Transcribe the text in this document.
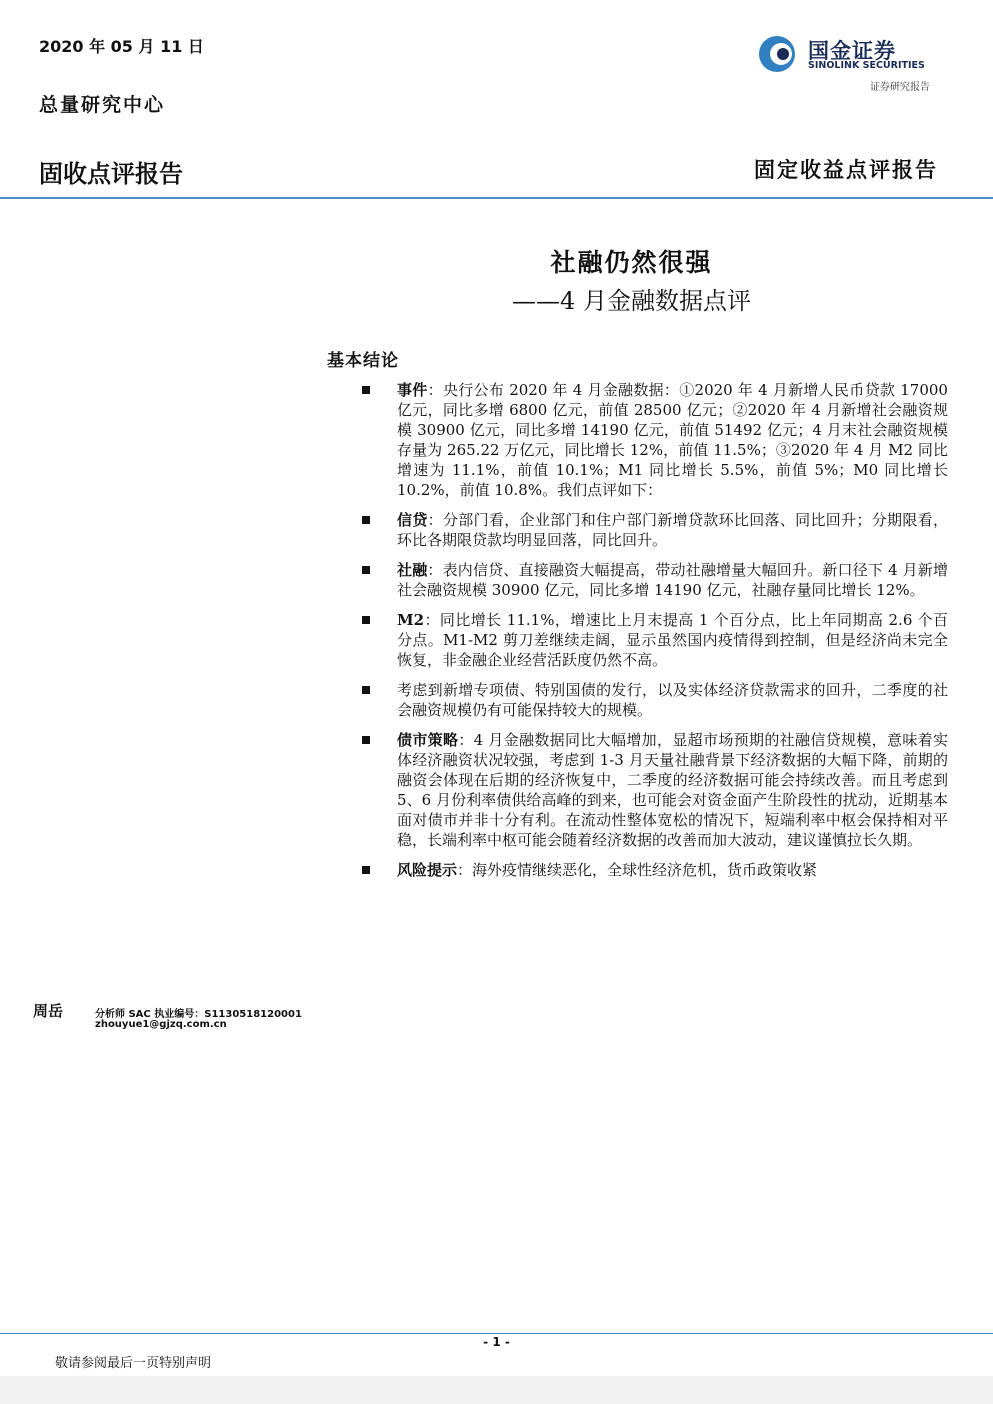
2020 年 05 月 11 日
总量研究中心
国金证券
SINOLINK SECURITIES
证券研究报告
固收点评报告	固定收益点评报告
社融仍然很强
——4 月金融数据点评
基本结论
事件：央行公布 2020 年 4 月金融数据：①2020 年 4 月新增人民币贷款 17000 亿元，同比多增 6800 亿元，前值 28500 亿元；②2020 年 4 月新增社会融资规模 30900 亿元，同比多增 14190 亿元，前值 51492 亿元；4 月末社会融资规模存量为 265.22 万亿元，同比增长 12%，前值 11.5%；③2020 年 4 月 M2 同比增速为 11.1%，前值 10.1%；M1 同比增长 5.5%，前值 5%；M0 同比增长 10.2%，前值 10.8%。我们点评如下：
信贷：分部门看，企业部门和住户部门新增贷款环比回落、同比回升；分期限看，环比各期限贷款均明显回落，同比回升。
社融：表内信贷、直接融资大幅提高，带动社融增量大幅回升。新口径下 4 月新增社会融资规模 30900 亿元，同比多增 14190 亿元，社融存量同比增长 12%。
M2：同比增长 11.1%，增速比上月末提高 1 个百分点，比上年同期高 2.6 个百分点。M1-M2 剪刀差继续走阔，显示虽然国内疫情得到控制，但是经济尚未完全恢复，非金融企业经营活跃度仍然不高。
考虑到新增专项债、特别国债的发行，以及实体经济贷款需求的回升，二季度的社会融资规模仍有可能保持较大的规模。
债市策略：4 月金融数据同比大幅增加，显超市场预期的社融信贷规模，意味着实体经济融资状况较强，考虑到 1-3 月天量社融背景下经济数据的大幅下降，前期的融资会体现在后期的经济恢复中，二季度的经济数据可能会持续改善。而且考虑到 5、6 月份利率债供给高峰的到来，也可能会对资金面产生阶段性的扰动，近期基本面对债市并非十分有利。在流动性整体宽松的情况下，短端利率中枢会保持相对平稳，长端利率中枢可能会随着经济数据的改善而加大波动，建议谨慎拉长久期。
风险提示：海外疫情继续恶化，全球性经济危机，货币政策收紧
周岳	分析师 SAC 执业编号：S1130518120001
zhouyue1@gjzq.com.cn
- 1 -
敬请参阅最后一页特别声明
